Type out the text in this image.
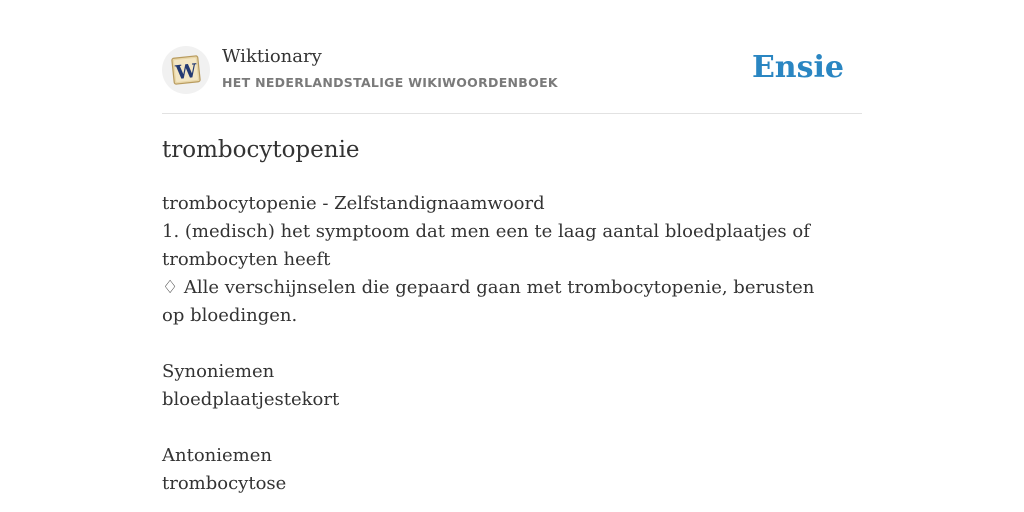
W
Wiktionary
HET NEDERLANDSTALIGE WIKIWOORDENBOEK	Ensie
trombocytopenie
trombocytopenie - Zelfstandignaamwoord
1. (medisch) het symptoom dat men een te laag aantal bloedplaatjes of trombocyten heeft
♢ Alle verschijnselen die gepaard gaan met trombocytopenie, berusten op bloedingen.
Synoniemen
bloedplaatjestekort
Antoniemen
trombocytose
